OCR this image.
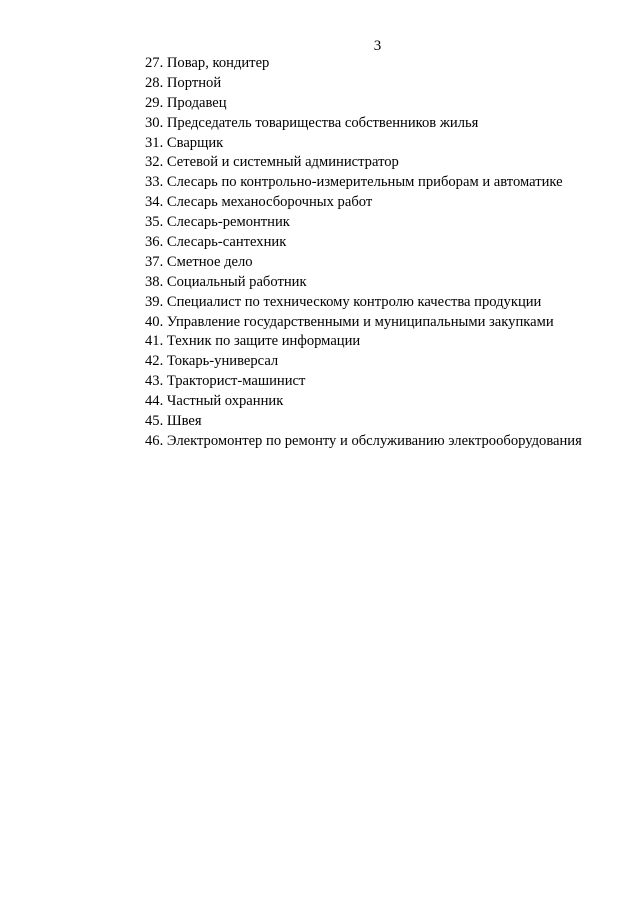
3
27. Повар, кондитер
28. Портной
29. Продавец
30. Председатель товарищества собственников жилья
31. Сварщик
32. Сетевой и системный администратор
33. Слесарь по контрольно-измерительным приборам и автоматике
34. Слесарь механосборочных работ
35. Слесарь-ремонтник
36. Слесарь-сантехник
37. Сметное дело
38. Социальный работник
39. Специалист по техническому контролю качества продукции
40. Управление государственными и муниципальными закупками
41. Техник по защите информации
42. Токарь-универсал
43. Тракторист-машинист
44. Частный охранник
45. Швея
46. Электромонтер по ремонту и обслуживанию электрооборудования
